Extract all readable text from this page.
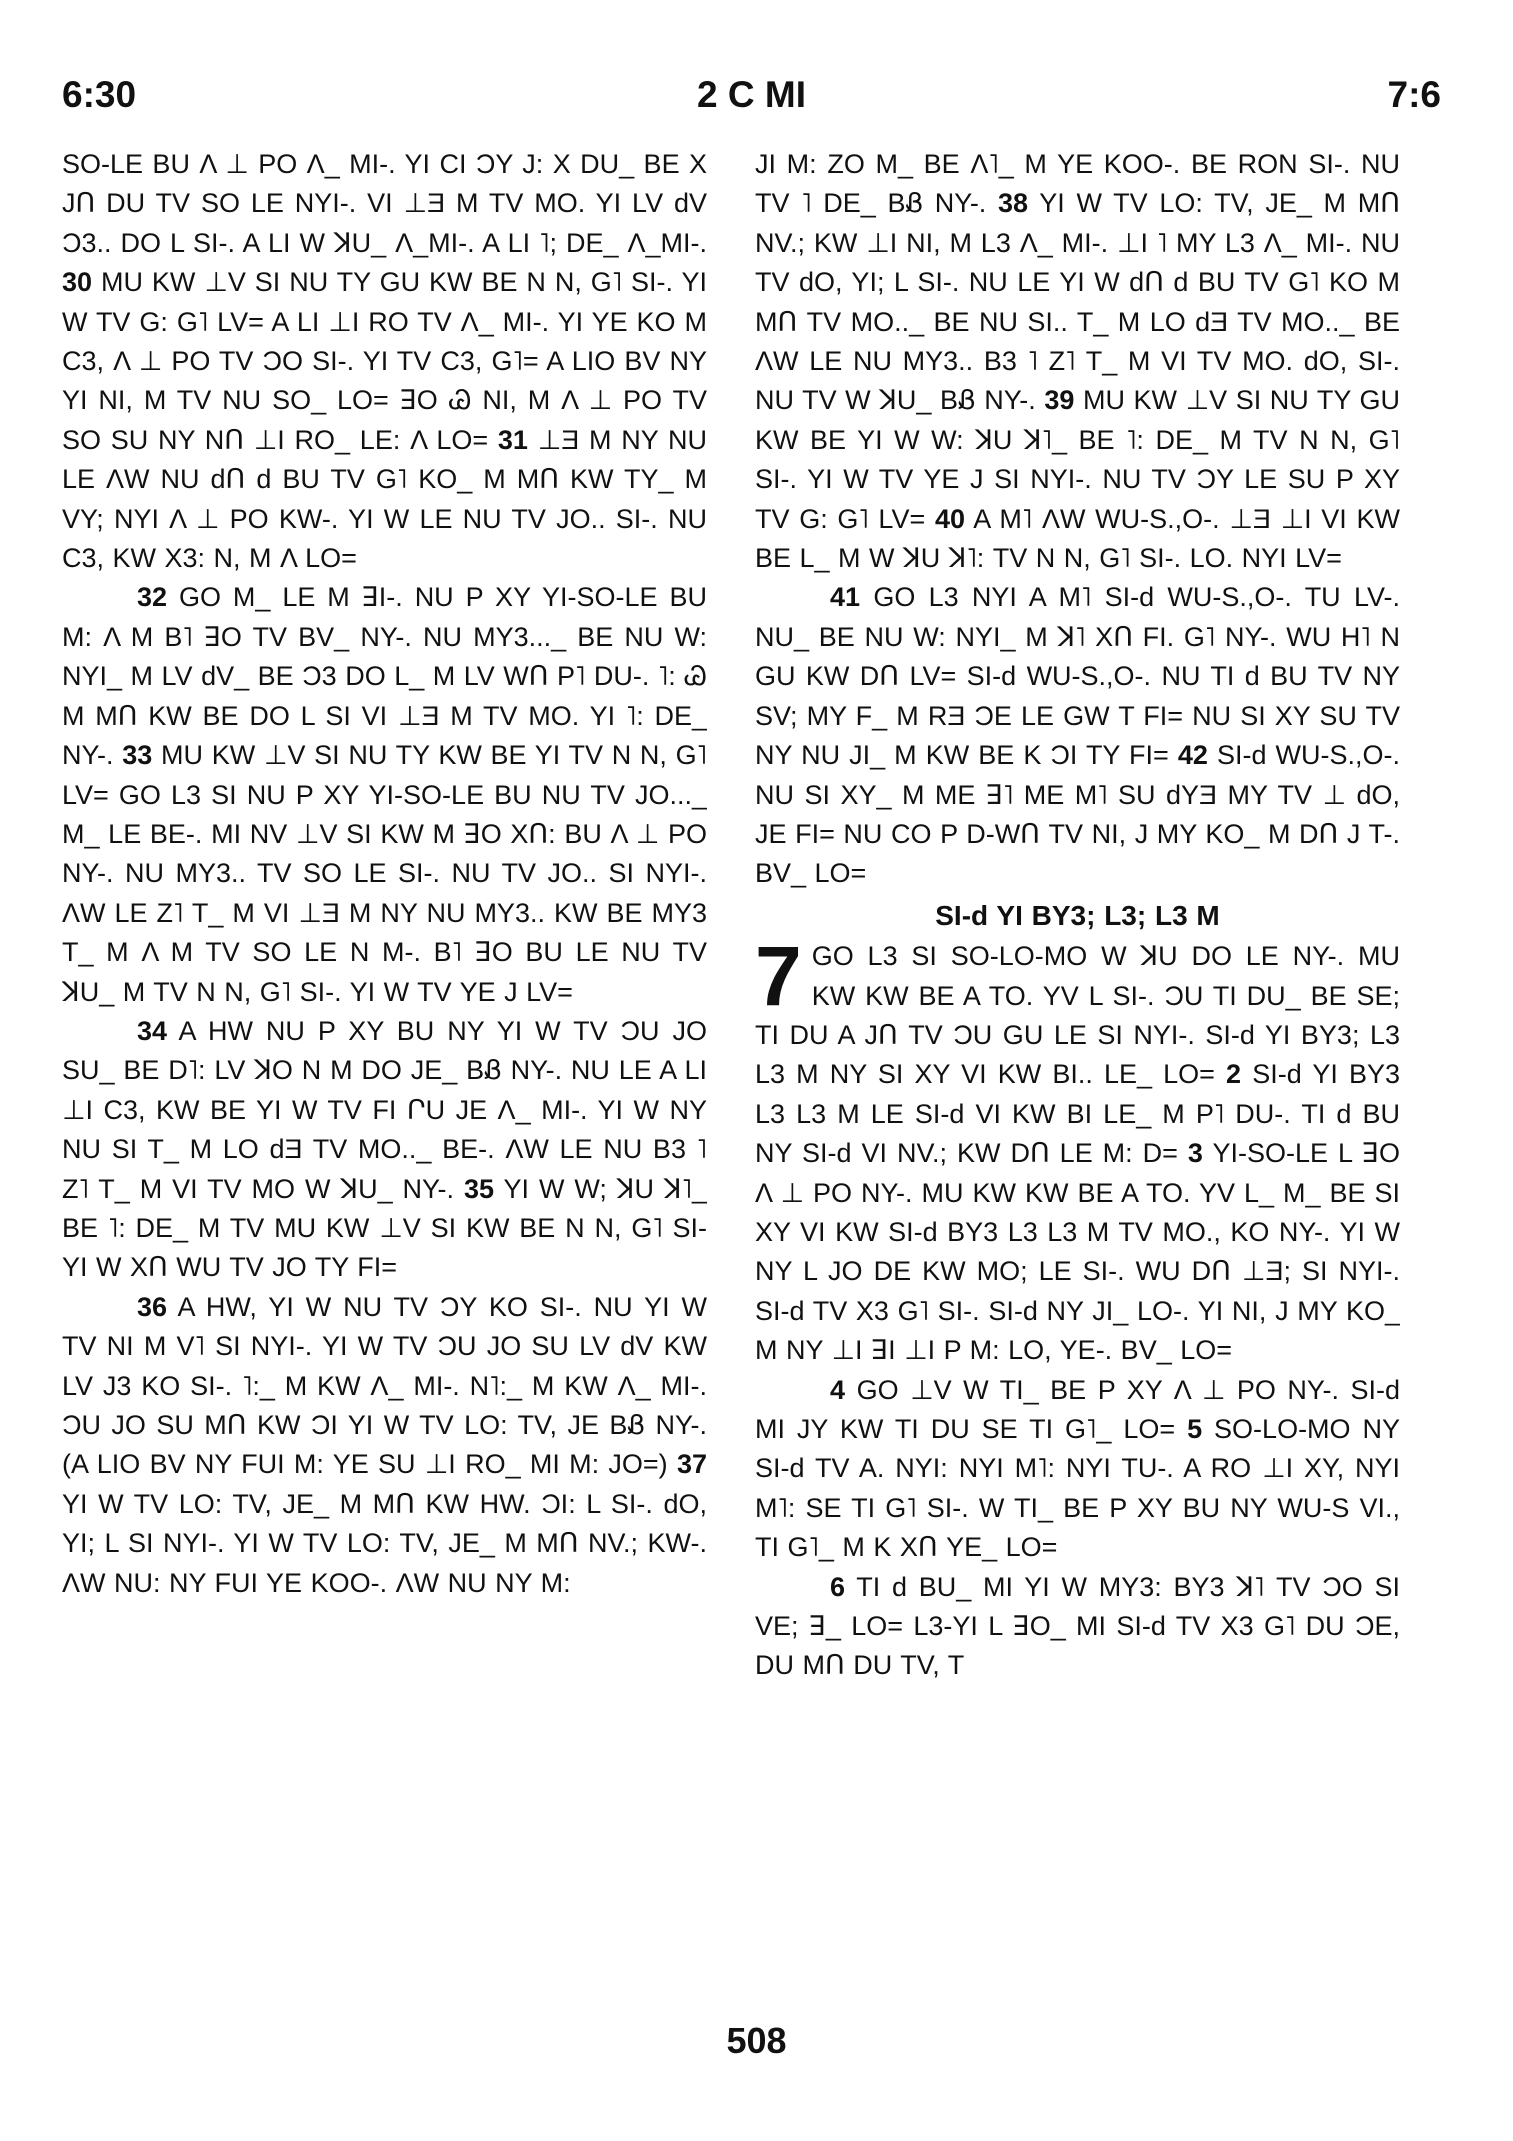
6:30	2 C MI	7:6

SO-LE BU Λ ⊥ PO Λ_ MI-. YI CI ƆY J: X DU_ BE X JՈ DU TV SO LE NYI-. VI ⊥Ǝ M TV MO. YI LV dV Ɔ3.. DO L SI-. A LI W ꓘU_ Λ_MI-. A LI ˥; DE_ Λ_MI-. 30 MU KW ⊥V SI NU TY GU KW BE N N, G˥ SI-. YI W TV G: G˥ LV= A LI ⊥I RO TV Λ_ MI-. YI YE KO M C3, Λ ⊥ PO TV ƆO SI-. YI TV C3, G˥= A LIO BV NY YI NI, M TV NU SO_ LO= ꓱO Ꮚ NI, M Λ ⊥ PO TV SO SU NY NՈ ⊥I RO_ LE: Λ LO= 31 ⊥Ǝ M NY NU LE ΛW NU dՈ d BU TV G˥ KO_ M MՈ KW TY_ M VY; NYI Λ ⊥ PO KW-. YI W LE NU TV JO.. SI-. NU C3, KW X3: N, M Λ LO=

32 GO M_ LE M ꓱI-. NU P XY YI-SO-LE BU M: Λ M B˥ ꓱO TV BV_ NY-. NU MY3..._ BE NU W: NYI_ M LV dV_ BE Ɔ3 DO L_ M LV WՈ P˥ DU-. ˥: Ꮚ M MՈ KW BE DO L SI VI ⊥Ǝ M TV MO. YI ˥: DE_ NY-. 33 MU KW ⊥V SI NU TY KW BE YI TV N N, G˥ LV= GO L3 SI NU P XY YI-SO-LE BU NU TV JO..._ M_ LE BE-. MI NV ⊥V SI KW M ꓱO XՈ: BU Λ ⊥ PO NY-. NU MY3.. TV SO LE SI-. NU TV JO.. SI NYI-. ΛW LE Z˥ T_ M VI ⊥Ǝ M NY NU MY3.. KW BE MY3 T_ M Λ M TV SO LE N M-. B˥ ꓱO BU LE NU TV ꓘU_ M TV N N, G˥ SI-. YI W TV YE J LV=

34 A HW NU P XY BU NY YI W TV ƆU JO SU_ BE D˥: LV ꓘO N M DO JE_ BᏰ NY-. NU LE A LI ⊥I C3, KW BE YI W TV FI ՐU JE Λ_ MI-. YI W NY NU SI T_ M LO dƎ TV MO.._ BE-. ΛW LE NU B3 ˥ Z˥ T_ M VI TV MO W ꓘU_ NY-. 35 YI W W; ꓘU ꓘ˥_ BE ˥: DE_ M TV MU KW ⊥V SI KW BE N N, G˥ SI- YI W XՈ WU TV JO TY FI=

36 A HW, YI W NU TV ƆY KO SI-. NU YI W TV NI M V˥ SI NYI-. YI W TV ƆU JO SU LV dV KW LV J3 KO SI-. ˥:_ M KW Λ_ MI-. N˥:_ M KW Λ_ MI-. ƆU JO SU MՈ KW ƆI YI W TV LO: TV, JE BᏰ NY-. (A LIO BV NY FUI M: YE SU ⊥I RO_ MI M: JO=) 37 YI W TV LO: TV, JE_ M MՈ KW HW. ƆI: L SI-. dO, YI; L SI NYI-. YI W TV LO: TV, JE_ M MՈ NV.; KW-. ΛW NU: NY FUI YE KOO-. ΛW NU NY M:

JI M: ZO M_ BE Λ˥_ M YE KOO-. BE RON SI-. NU TV ˥ DE_ BᏰ NY-. 38 YI W TV LO: TV, JE_ M MՈ NV.; KW ⊥I NI, M L3 Λ_ MI-. ⊥I ˥ MY L3 Λ_ MI-. NU TV dO, YI; L SI-. NU LE YI W dՈ d BU TV G˥ KO M MՈ TV MO.._ BE NU SI.. T_ M LO dƎ TV MO.._ BE ΛW LE NU MY3.. B3 ˥ Z˥ T_ M VI TV MO. dO, SI-. NU TV W ꓘU_ BᏰ NY-. 39 MU KW ⊥V SI NU TY GU KW BE YI W W: ꓘU ꓘ˥_ BE ˥: DE_ M TV N N, G˥ SI-. YI W TV YE J SI NYI-. NU TV ƆY LE SU P XY TV G: G˥ LV= 40 A M˥ ΛW WU-S.,O-. ⊥Ǝ ⊥I VI KW BE L_ M W ꓘU ꓘ˥: TV N N, G˥ SI-. LO. NYI LV=

41 GO L3 NYI A M˥ SI-d WU-S.,O-. TU LV-. NU_ BE NU W: NYI_ M ꓘ˥ XՈ FI. G˥ NY-. WU H˥ N GU KW DՈ LV= SI-d WU-S.,O-. NU TI d BU TV NY SV; MY F_ M RƎ ƆE LE GW T FI= NU SI XY SU TV NY NU JI_ M KW BE K ƆI TY FI= 42 SI-d WU-S.,O-. NU SI XY_ M ME ꓱ˥ ME M˥ SU dYƎ MY TV ⊥ dO, JE FI= NU CO P D-WՈ TV NI, J MY KO_ M DՈ J T-. BV_ LO=

SI-d YI BY3; L3; L3 M

7 GO L3 SI SO-LO-MO W ꓘU DO LE NY-. MU KW KW BE A TO. YV L SI-. ƆU TI DU_ BE SE; TI DU A JՈ TV ƆU GU LE SI NYI-. SI-d YI BY3; L3 L3 M NY SI XY VI KW BI.. LE_ LO= 2 SI-d YI BY3 L3 L3 M LE SI-d VI KW BI LE_ M P˥ DU-. TI d BU NY SI-d VI NV.; KW DՈ LE M: D= 3 YI-SO-LE L ꓱO Λ ⊥ PO NY-. MU KW KW BE A TO. YV L_ M_ BE SI XY VI KW SI-d BY3 L3 L3 M TV MO., KO NY-. YI W NY L JO DE KW MO; LE SI-. WU DՈ ⊥Ǝ; SI NYI-. SI-d TV X3 G˥ SI-. SI-d NY JI_ LO-. YI NI, J MY KO_ M NY ⊥I ꓱI ⊥I P M: LO, YE-. BV_ LO=

4 GO ⊥V W TI_ BE P XY Λ ⊥ PO NY-. SI-d MI JY KW TI DU SE TI G˥_ LO= 5 SO-LO-MO NY SI-d TV A. NYI: NYI M˥: NYI TU-. A RO ⊥I XY, NYI M˥: SE TI G˥ SI-. W TI_ BE P XY BU NY WU-S VI., TI G˥_ M K XՈ YE_ LO=

6 TI d BU_ MI YI W MY3: BY3 ꓘ˥ TV ƆO SI VE; ꓱ_ LO= L3-YI L ꓱO_ MI SI-d TV X3 G˥ DU ƆE, DU MՈ DU TV, T

508
